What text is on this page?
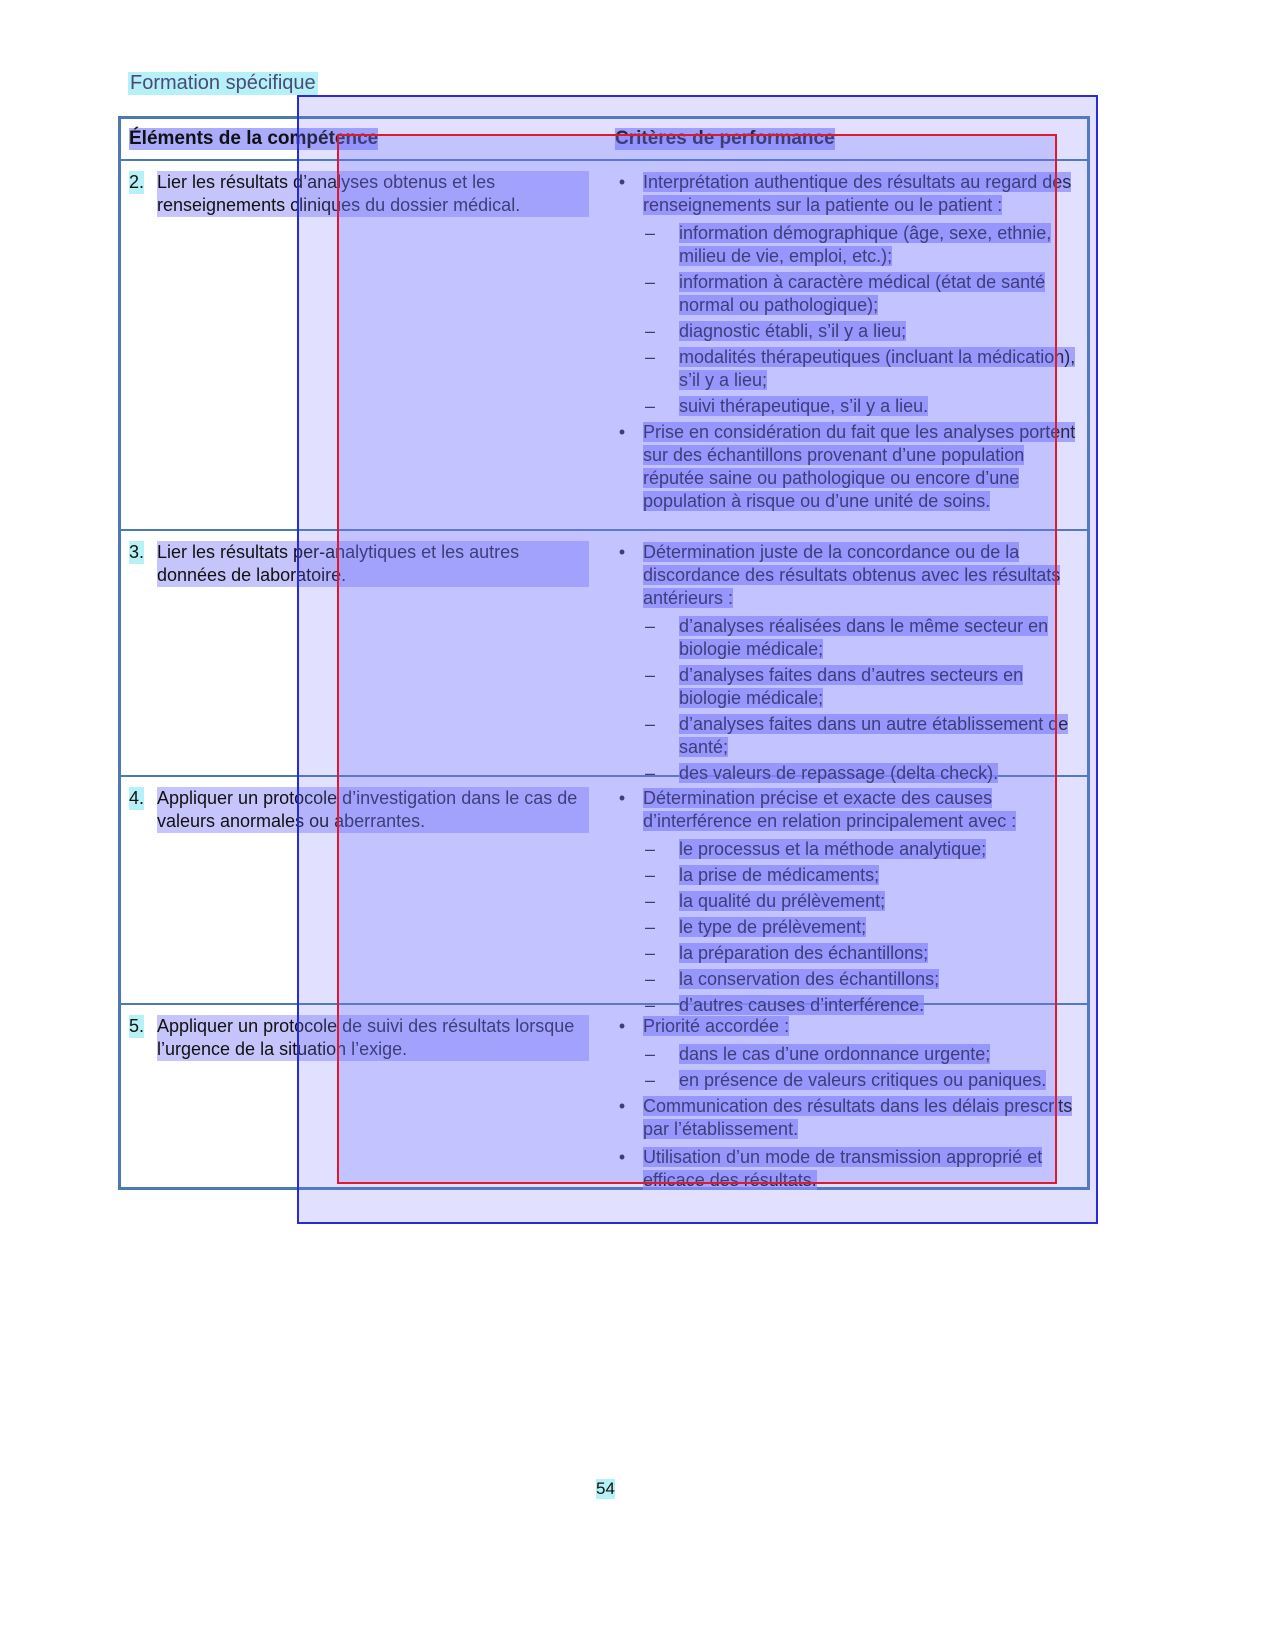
Formation spécifique
Éléments de la compétence	Critères de performance
2. Lier les résultats d’analyses obtenus et les renseignements cliniques du dossier médical.
• Interprétation authentique des résultats au regard des renseignements sur la patiente ou le patient :
– information démographique (âge, sexe, ethnie, milieu de vie, emploi, etc.);
– information à caractère médical (état de santé normal ou pathologique);
– diagnostic établi, s’il y a lieu;
– modalités thérapeutiques (incluant la médication), s’il y a lieu;
– suivi thérapeutique, s’il y a lieu.
• Prise en considération du fait que les analyses portent sur des échantillons provenant d’une population réputée saine ou pathologique ou encore d’une population à risque ou d’une unité de soins.
3. Lier les résultats per-analytiques et les autres données de laboratoire.
• Détermination juste de la concordance ou de la discordance des résultats obtenus avec les résultats antérieurs :
– d’analyses réalisées dans le même secteur en biologie médicale;
– d’analyses faites dans d’autres secteurs en biologie médicale;
– d’analyses faites dans un autre établissement de santé;
– des valeurs de repassage (delta check).
4. Appliquer un protocole d’investigation dans le cas de valeurs anormales ou aberrantes.
• Détermination précise et exacte des causes d’interférence en relation principalement avec :
– le processus et la méthode analytique;
– la prise de médicaments;
– la qualité du prélèvement;
– le type de prélèvement;
– la préparation des échantillons;
– la conservation des échantillons;
– d’autres causes d’interférence.
5. Appliquer un protocole de suivi des résultats lorsque l’urgence de la situation l’exige.
• Priorité accordée :
– dans le cas d’une ordonnance urgente;
– en présence de valeurs critiques ou paniques.
• Communication des résultats dans les délais prescrits par l’établissement.
• Utilisation d’un mode de transmission approprié et efficace des résultats.
54
